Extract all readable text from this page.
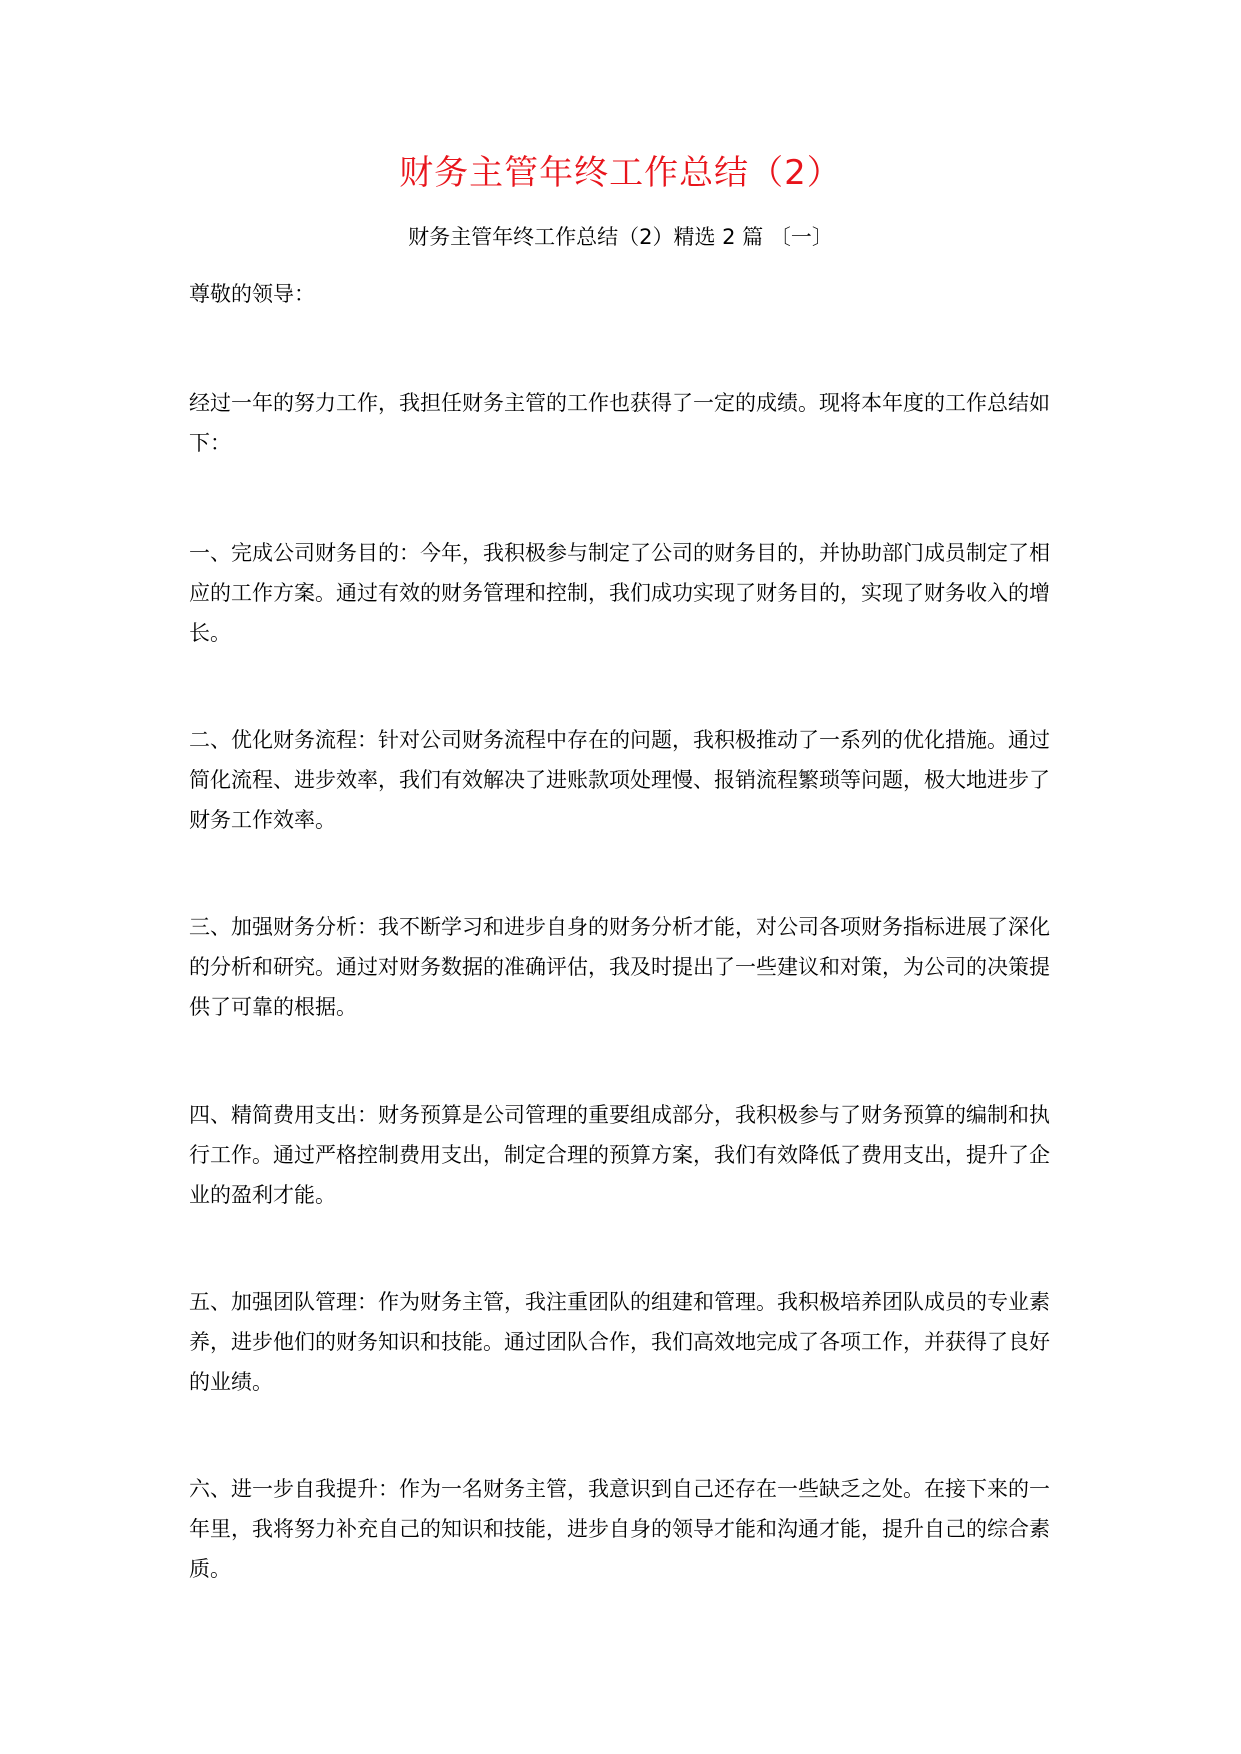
财务主管年终工作总结（2）

财务主管年终工作总结（2）精选 2 篇 〔一〕

尊敬的领导：

经过一年的努力工作，我担任财务主管的工作也获得了一定的成绩。现将本年度的工作总结如下：

一、完成公司财务目的：今年，我积极参与制定了公司的财务目的，并协助部门成员制定了相应的工作方案。通过有效的财务管理和控制，我们成功实现了财务目的，实现了财务收入的增长。

二、优化财务流程：针对公司财务流程中存在的问题，我积极推动了一系列的优化措施。通过简化流程、进步效率，我们有效解决了进账款项处理慢、报销流程繁琐等问题，极大地进步了财务工作效率。

三、加强财务分析：我不断学习和进步自身的财务分析才能，对公司各项财务指标进展了深化的分析和研究。通过对财务数据的准确评估，我及时提出了一些建议和对策，为公司的决策提供了可靠的根据。

四、精简费用支出：财务预算是公司管理的重要组成部分，我积极参与了财务预算的编制和执行工作。通过严格控制费用支出，制定合理的预算方案，我们有效降低了费用支出，提升了企业的盈利才能。

五、加强团队管理：作为财务主管，我注重团队的组建和管理。我积极培养团队成员的专业素养，进步他们的财务知识和技能。通过团队合作，我们高效地完成了各项工作，并获得了良好的业绩。

六、进一步自我提升：作为一名财务主管，我意识到自己还存在一些缺乏之处。在接下来的一年里，我将努力补充自己的知识和技能，进步自身的领导才能和沟通才能，提升自己的综合素质。
